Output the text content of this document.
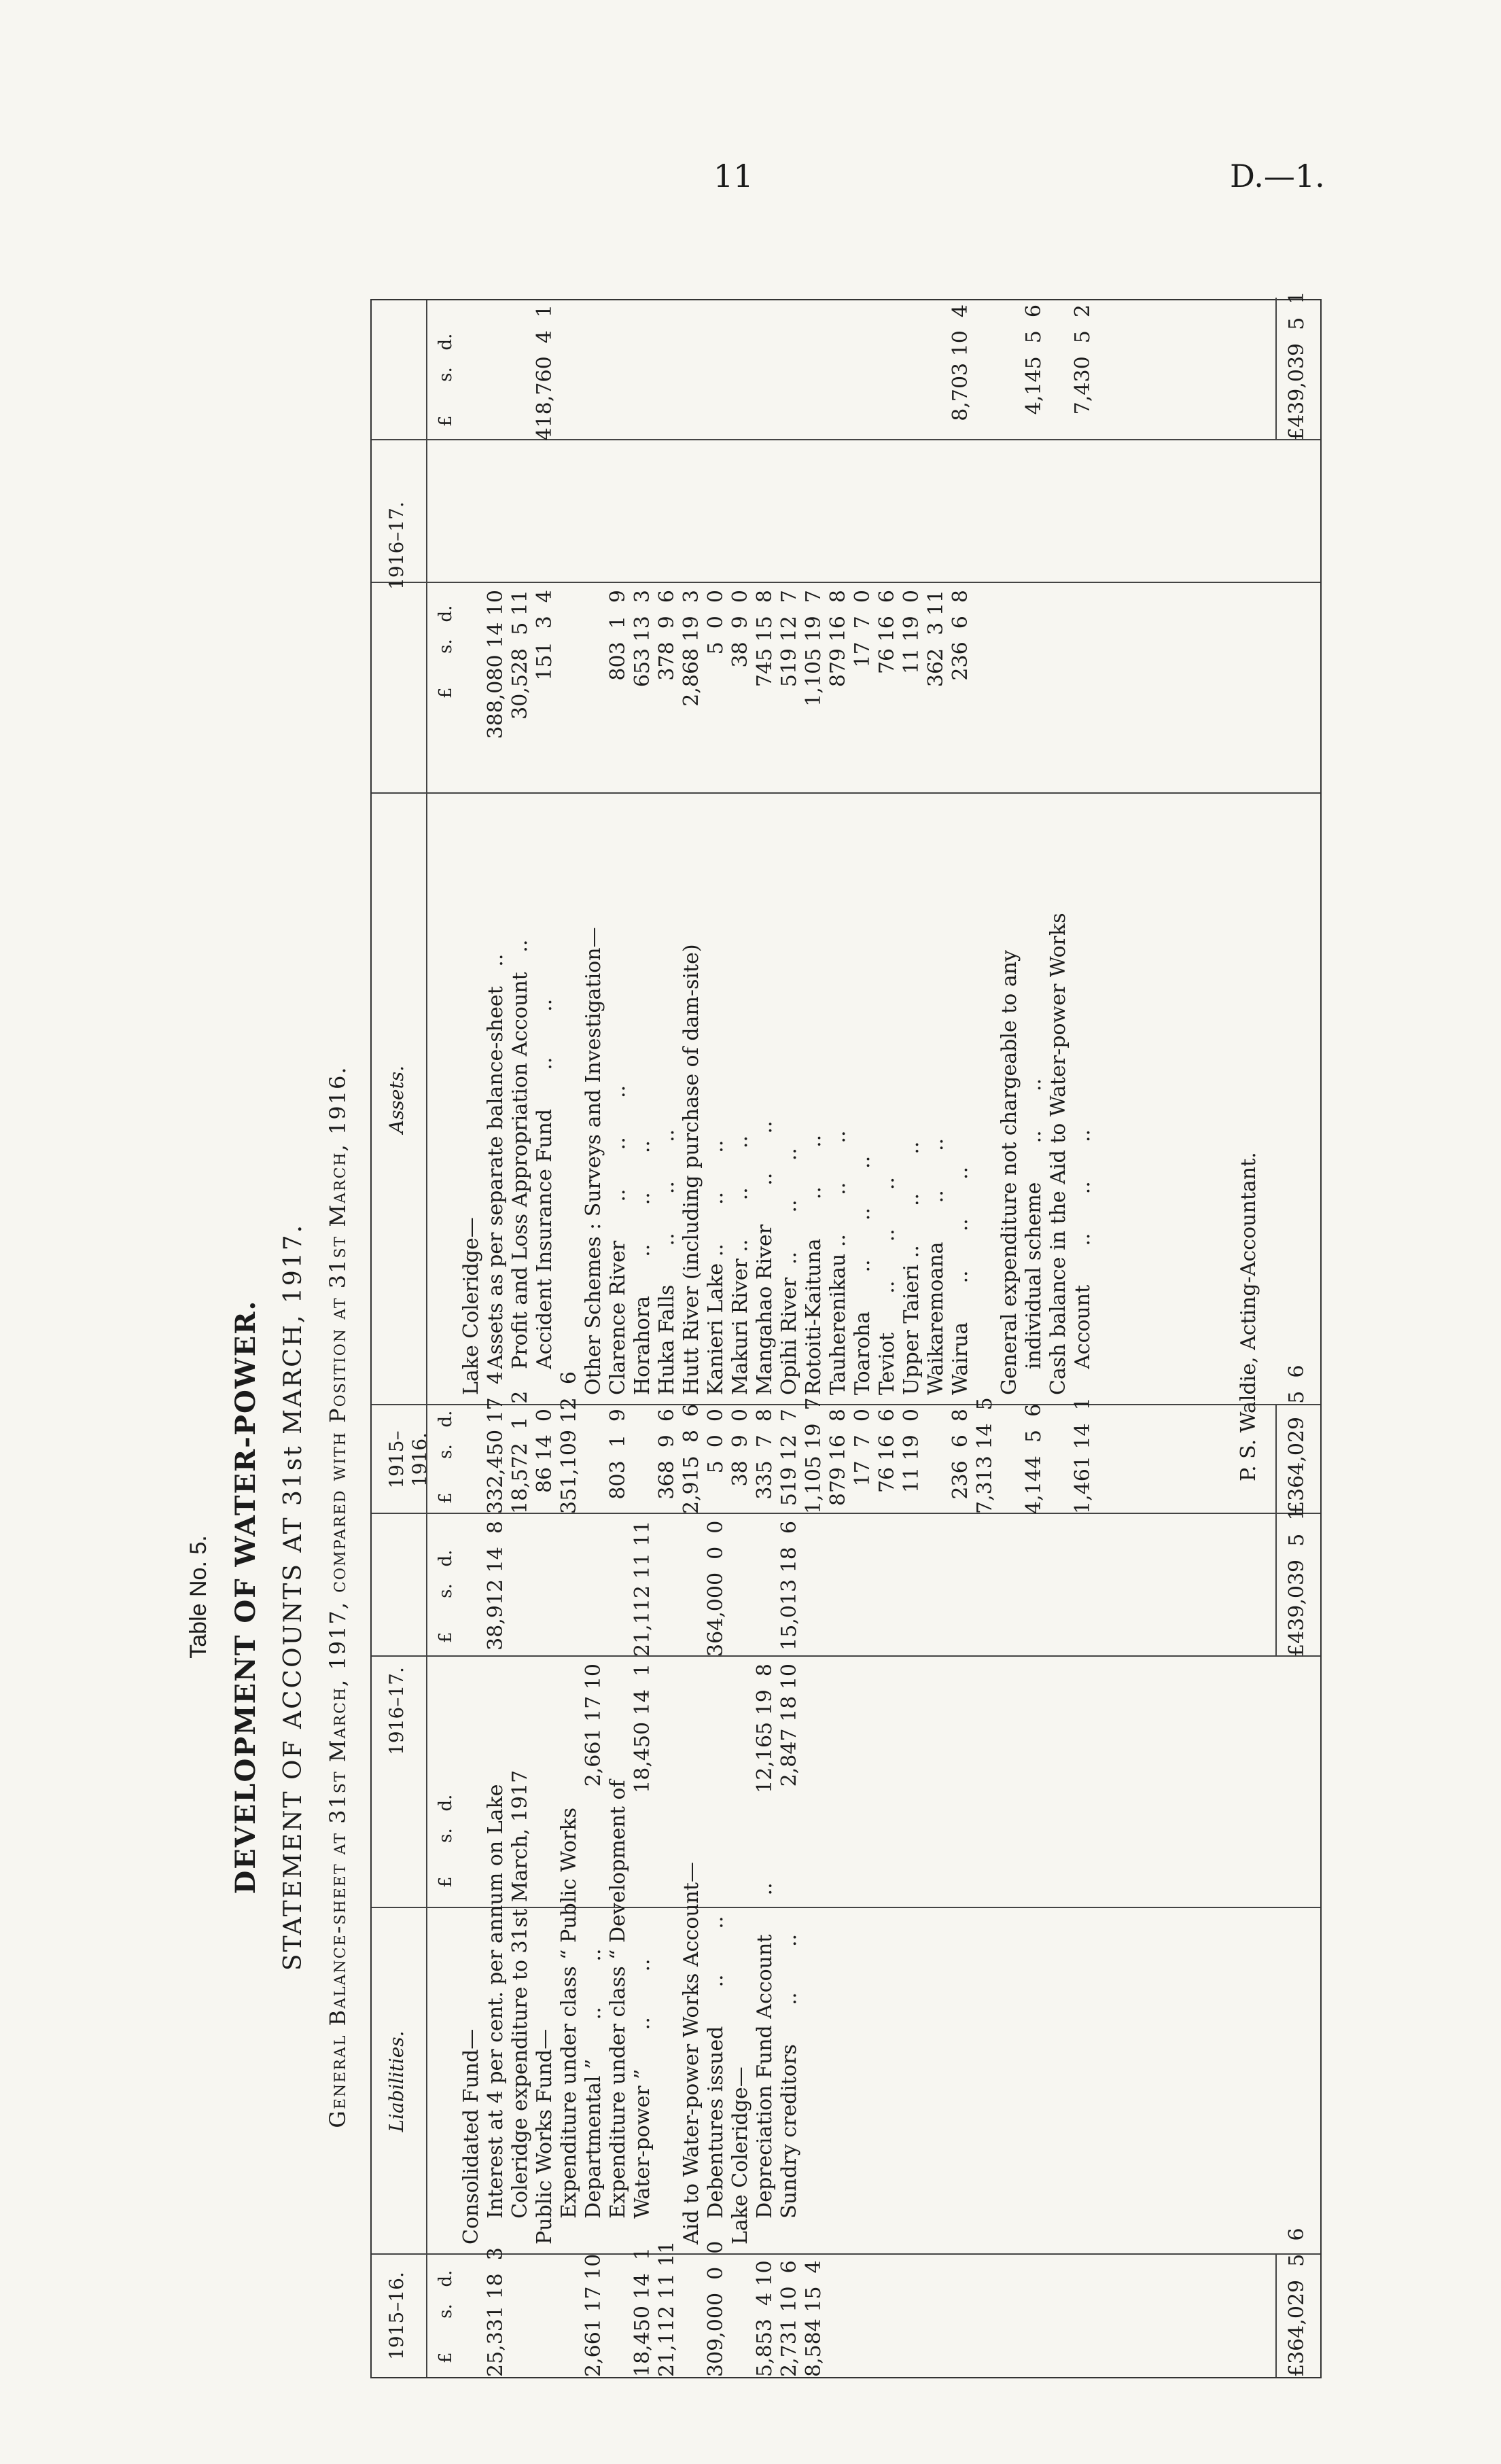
11	D.—1.
Table No. 5. DEVELOPMENT OF WATER-POWER. STATEMENT OF ACCOUNTS AT 31st MARCH, 1917. General Balance-sheet at 31st March, 1917, compared with Position at 31st March, 1916.
1915–16.
Liabilities.
1916–17.
1915–1916.
Assets.
1916–17.
£      s.   d.
£      s.   d.
£      s.   d.
£      s.   d.
£      s.   d.
£      s.   d.
Consolidated Fund— Interest at 4 per cent. per annum on Lake
25,331 18  3
38,912 14  8
Coleridge expenditure to 31st March, 1917 Public Works Fund— Expenditure under class “ Public Works Departmental ”      ..       ..
2,661 17 10
2,661 17 10
Expenditure under class “ Development of Water-power ”      ..       ..
18,450 14  1
18,450 14  1
21,112 11 11
21,112 11 11
Aid to Water-power Works Account— Debentures issued      ..       ..
309,000  0  0
364,000  0  0
Lake Coleridge— Depreciation Fund Account      ..
5,853  4 10
12,165 19  8
Sundry creditors      ..       ..
2,731 10  6
2,847 18 10
15,013 18  6
8,584 15  4
Lake Coleridge— Assets as per separate balance-sheet   ..
332,450 17  4
388,080 14 10
Profit and Loss Appropriation Account   ..
18,572  1  2
30,528  5 11
Accident Insurance Fund      ..       ..
86 14  0
151  3  4
418,760  4  1
351,109 12  6
Other Schemes : Surveys and Investigation— Clarence River      ..      ..      ..
803  1  9
803  1  9
Horahora      ..      ..      ..
653 13  3
Huka Falls      ..      ..      ..
368  9  6
378  9  6
Hutt River (including purchase of dam-site)
2,915  8  6
2,868 19  3
Kanieri Lake ..      ..      ..
5  0  0
5  0  0
Makuri River ..      ..      ..
38  9  0
38  9  0
Mangahao River      ..      ..
335  7  8
745 15  8
Opihi River  ..      ..      ..
519 12  7
519 12  7
Rotoiti-Kaituna      ..      ..
1,105 19  7
1,105 19  7
Tauherenikau ..      ..      ..
879 16  8
879 16  8
Toaroha      ..      ..      ..
17  7  0
17  7  0
Teviot      ..      ..      ..
76 16  6
76 16  6
Upper Taieri ..      ..      ..
11 19  0
11 19  0
Waikaremoana      ..      ..
362  3 11
Wairua      ..      ..      ..
236  6  8
236  6  8
8,703 10  4
7,313 14  5
General expenditure not chargeable to any individual scheme      ..      ..
4,144  5  6
4,145  5  6
Cash balance in the Aid to Water-power Works Account      ..      ..      ..
1,461 14  1
7,430  5  2
£364,029  5  6
£439,039  5  1
£364,029  5  6
£439,039  5  1
P. S. Waldie, Acting-Accountant.
